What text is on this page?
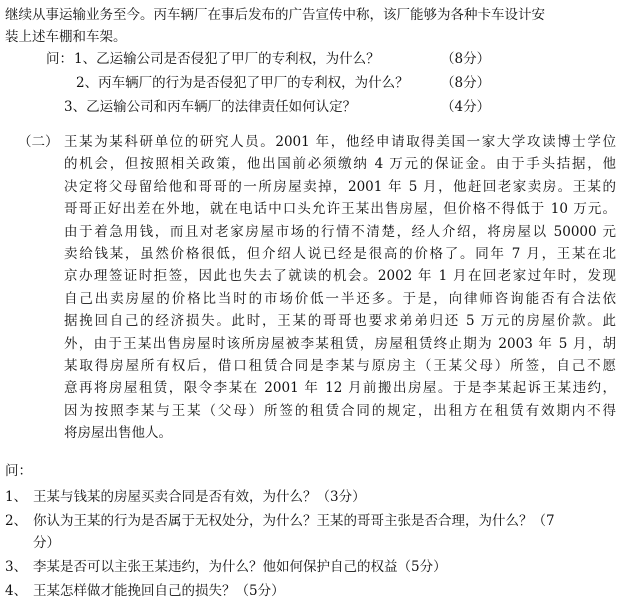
继续从事运输业务至今。丙车辆厂在事后发布的广告宣传中称，该厂能够为各种卡车设计安
装上述车棚和车架。
问： 1、乙运输公司是否侵犯了甲厂的专利权，为什么？	（8分）
2、丙车辆厂的行为是否侵犯了甲厂的专利权，为什么？ （8分）
3、乙运输公司和丙车辆厂的法律责任如何认定？	（4分）
（二） 王某为某科研单位的研究人员。2001 年，他经申请取得美国一家大学攻读博士学位
的机会，但按照相关政策，他出国前必须缴纳 4 万元的保证金。由于手头拮据，他
决定将父母留给他和哥哥的一所房屋卖掉，2001 年 5 月，他赶回老家卖房。王某的
哥哥正好出差在外地，就在电话中口头允许王某出售房屋，但价格不得低于 10 万元。
由于着急用钱，而且对老家房屋市场的行情不清楚，经人介绍，将房屋以 50000 元
卖给钱某，虽然价格很低，但介绍人说已经是很高的价格了。同年 7 月，王某在北
京办理签证时拒签，因此也失去了就读的机会。2002 年 1 月在回老家过年时，发现
自己出卖房屋的价格比当时的市场价低一半还多。于是，向律师咨询能否有合法依
据挽回自己的经济损失。此时，王某的哥哥也要求弟弟归还 5 万元的房屋价款。此
外，由于王某出售房屋时该所房屋被李某租赁，房屋租赁终止期为 2003 年 5 月，胡
某取得房屋所有权后，借口租赁合同是李某与原房主（王某父母）所签，自己不愿
意再将房屋租赁，限令李某在 2001 年 12 月前搬出房屋。于是李某起诉王某违约，
因为按照李某与王某（父母）所签的租赁合同的规定，出租方在租赁有效期内不得
将房屋出售他人。
问：
1、 王某与钱某的房屋买卖合同是否有效，为什么？（3分）
2、 你认为王某的行为是否属于无权处分，为什么？王某的哥哥主张是否合理，为什么？（7
分）
3、 李某是否可以主张王某违约，为什么？他如何保护自己的权益（5分）
4、 王某怎样做才能挽回自己的损失？（5分）
